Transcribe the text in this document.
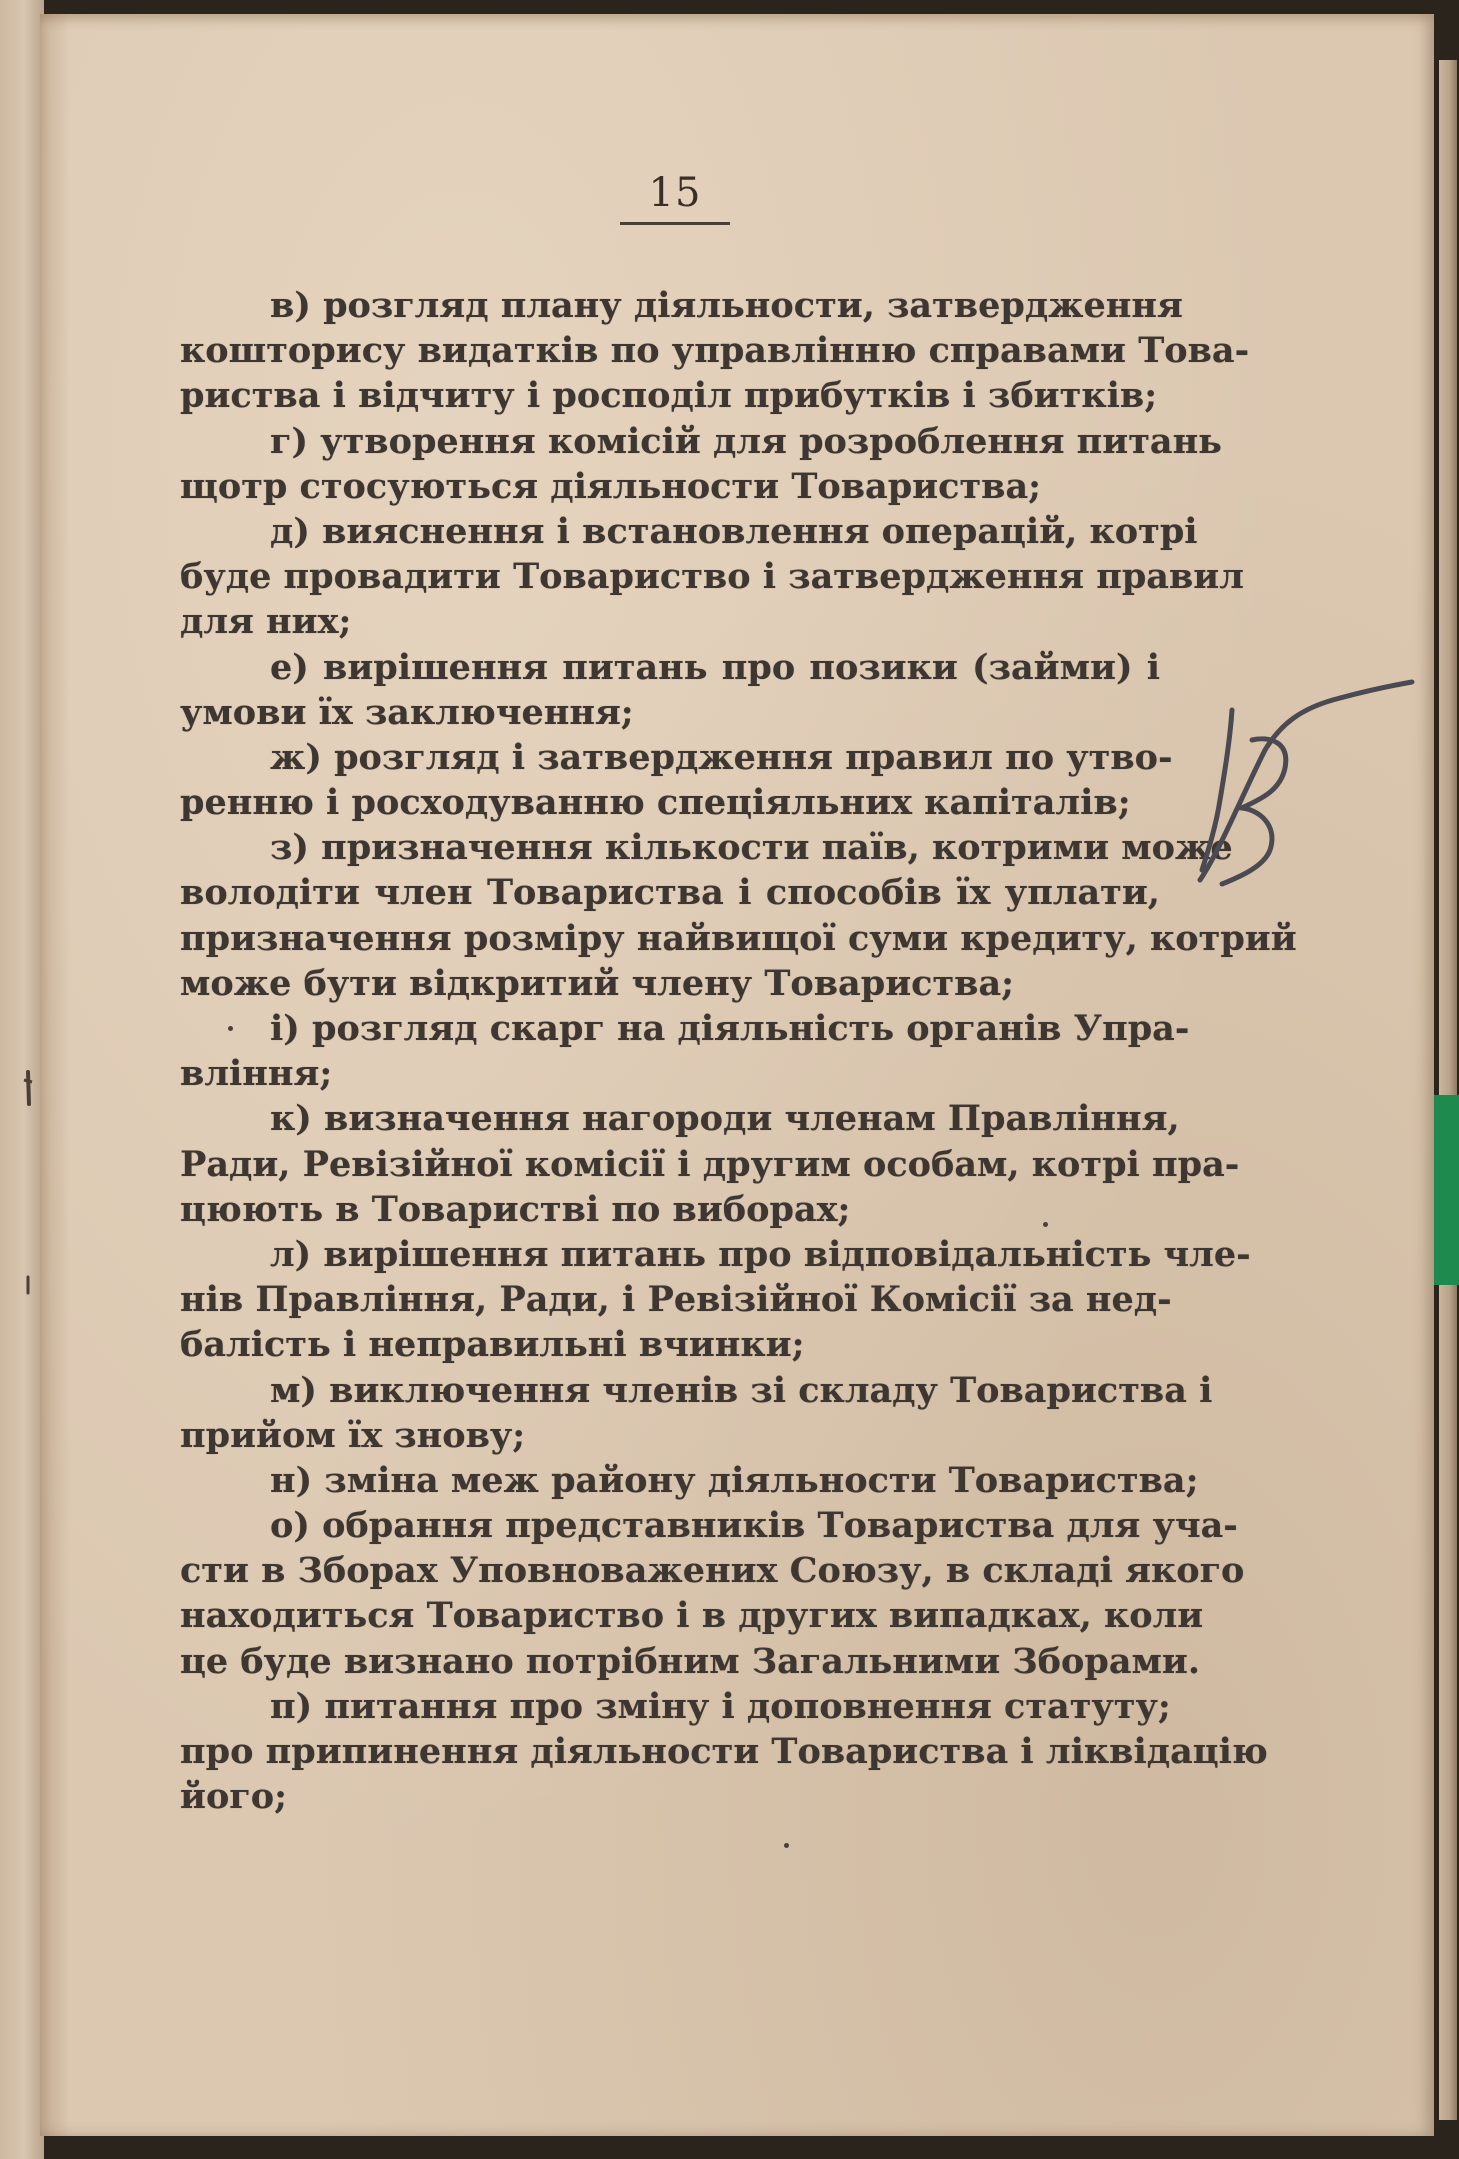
15
в) розгляд плану діяльности, затвердження
кошторису видатків по управлінню справами Това-
риства і відчиту і росподіл прибутків і збитків;
г) утворення комісій для розроблення питань
щотр стосуються діяльности Товариства;
д) вияснення і встановлення операцій, котрі
буде провадити Товариство і затвердження правил
для них;
е) вирішення питань про позики (займи) і
умови їх заключення;
ж) розгляд і затвердження правил по утво-
ренню і росходуванню спеціяльних капіталів;
з) призначення кількости паїв, котрими може
володіти член Товариства і способів їх уплати,
призначення розміру найвищої суми кредиту, котрий
може бути відкритий члену Товариства;
і) розгляд скарг на діяльність органів Упра-
вління;
к) визначення нагороди членам Правління,
Ради, Ревізійної комісії і другим особам, котрі пра-
цюють в Товаристві по виборах;
л) вирішення питань про відповідальність чле-
нів Правління, Ради, і Ревізійної Комісії за нед-
балість і неправильні вчинки;
м) виключення членів зі складу Товариства і
прийом їх знову;
н) зміна меж району діяльности Товариства;
о) обрання представників Товариства для уча-
сти в Зборах Уповноважених Союзу, в складі якого
находиться Товариство і в других випадках, коли
це буде визнано потрібним Загальними Зборами.
п) питання про зміну і доповнення статуту;
про припинення діяльности Товариства і ліквідацію
його;
